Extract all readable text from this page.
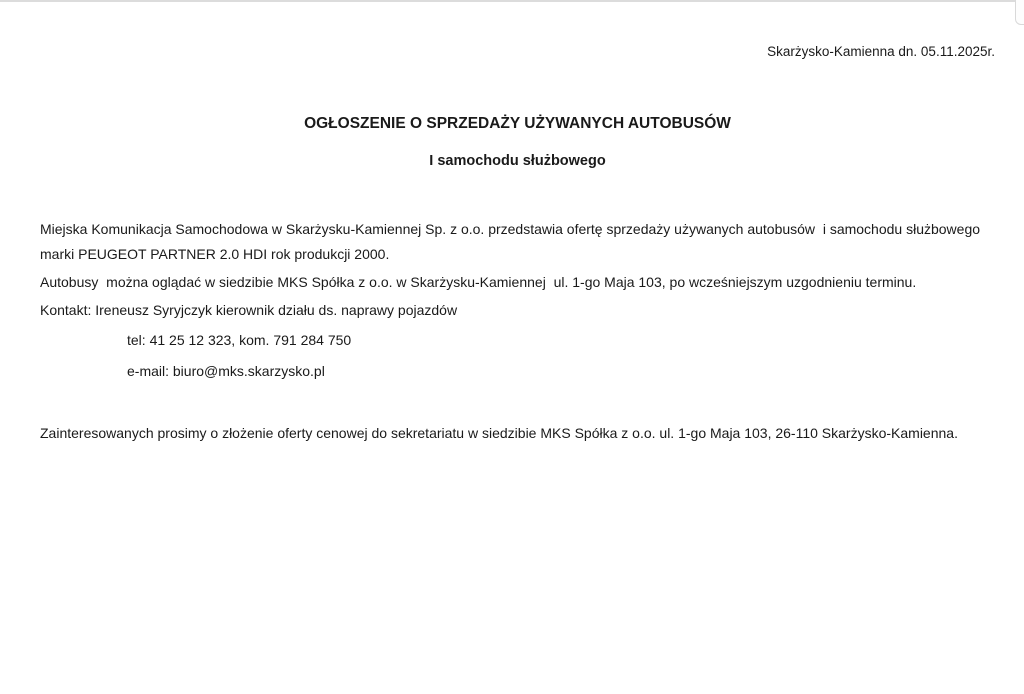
Skarżysko-Kamienna dn. 05.11.2025r.
OGŁOSZENIE O SPRZEDAŻY UŻYWANYCH AUTOBUSÓW
I samochodu służbowego

Miejska Komunikacja Samochodowa w Skarżysku-Kamiennej Sp. z o.o. przedstawia ofertę sprzedaży używanych autobusów  i samochodu służbowego marki PEUGEOT PARTNER 2.0 HDI rok produkcji 2000.

Autobusy  można oglądać w siedzibie MKS Spółka z o.o. w Skarżysku-Kamiennej  ul. 1-go Maja 103, po wcześniejszym uzgodnieniu terminu.

Kontakt: Ireneusz Syryjczyk kierownik działu ds. naprawy pojazdów

tel: 41 25 12 323, kom. 791 284 750

e-mail: biuro@mks.skarzysko.pl

Zainteresowanych prosimy o złożenie oferty cenowej do sekretariatu w siedzibie MKS Spółka z o.o. ul. 1-go Maja 103, 26-110 Skarżysko-Kamienna.
